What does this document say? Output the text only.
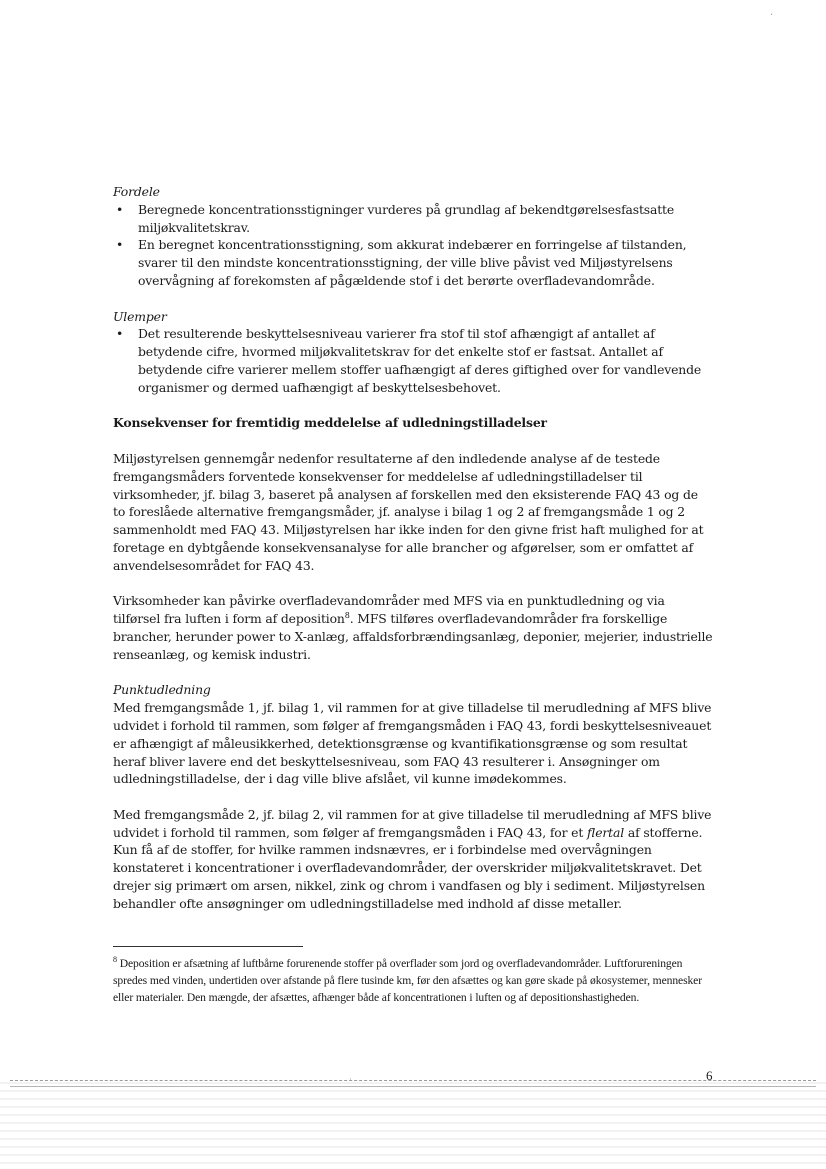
Fordele

• Beregnede koncentrationsstigninger vurderes på grundlag af bekendtgørelsesfastsatte miljøkvalitetskrav.
• En beregnet koncentrationsstigning, som akkurat indebærer en forringelse af tilstanden, svarer til den mindste koncentrationsstigning, der ville blive påvist ved Miljøstyrelsens overvågning af forekomsten af pågældende stof i det berørte overfladevandområde.

Ulemper

• Det resulterende beskyttelsesniveau varierer fra stof til stof afhængigt af antallet af betydende cifre, hvormed miljøkvalitetskrav for det enkelte stof er fastsat. Antallet af betydende cifre varierer mellem stoffer uafhængigt af deres giftighed over for vandlevende organismer og dermed uafhængigt af beskyttelsesbehovet.

Konsekvenser for fremtidig meddelelse af udledningstilladelser

Miljøstyrelsen gennemgår nedenfor resultaterne af den indledende analyse af de testede fremgangsmåders forventede konsekvenser for meddelelse af udledningstilladelser til virksomheder, jf. bilag 3, baseret på analysen af forskellen med den eksisterende FAQ 43 og de to foreslåede alternative fremgangsmåder, jf. analyse i bilag 1 og 2 af fremgangsmåde 1 og 2 sammenholdt med FAQ 43. Miljøstyrelsen har ikke inden for den givne frist haft mulighed for at foretage en dybtgående konsekvensanalyse for alle brancher og afgørelser, som er omfattet af anvendelsesområdet for FAQ 43.

Virksomheder kan påvirke overfladevandområder med MFS via en punktudledning og via tilførsel fra luften i form af deposition$^8$. MFS tilføres overfladevandområder fra forskellige brancher, herunder power to X-anlæg, affaldsforbrændingsanlæg, deponier, mejerier, industrielle renseanlæg, og kemisk industri.

Punktudledning

Med fremgangsmåde 1, jf. bilag 1, vil rammen for at give tilladelse til merudledning af MFS blive udvidet i forhold til rammen, som følger af fremgangsmåden i FAQ 43, fordi beskyttelsesniveauet er afhængigt af måleusikkerhed, detektionsgrænse og kvantifikationsgrænse og som resultat heraf bliver lavere end det beskyttelsesniveau, som FAQ 43 resulterer i. Ansøgninger om udledningstilladelse, der i dag ville blive afslået, vil kunne imødekommes.

Med fremgangsmåde 2, jf. bilag 2, vil rammen for at give tilladelse til merudledning af MFS blive udvidet i forhold til rammen, som følger af fremgangsmåden i FAQ 43, for et flertal af stofferne. Kun få af de stoffer, for hvilke rammen indsnævres, er i forbindelse med overvågningen konstateret i koncentrationer i overfladevandområder, der overskrider miljøkvalitetskravet. Det drejer sig primært om arsen, nikkel, zink og chrom i vandfasen og bly i sediment. Miljøstyrelsen behandler ofte ansøgninger om udledningstilladelse med indhold af disse metaller.

$^8$ Deposition er afsætning af luftbårne forurenende stoffer på overflader som jord og overfladevandområder. Luftforureningen spredes med vinden, undertiden over afstande på flere tusinde km, før den afsættes og kan gøre skade på økosystemer, mennesker eller materialer. Den mængde, der afsættes, afhænger både af koncentrationen i luften og af depositionshastigheden.
6
˙
·
